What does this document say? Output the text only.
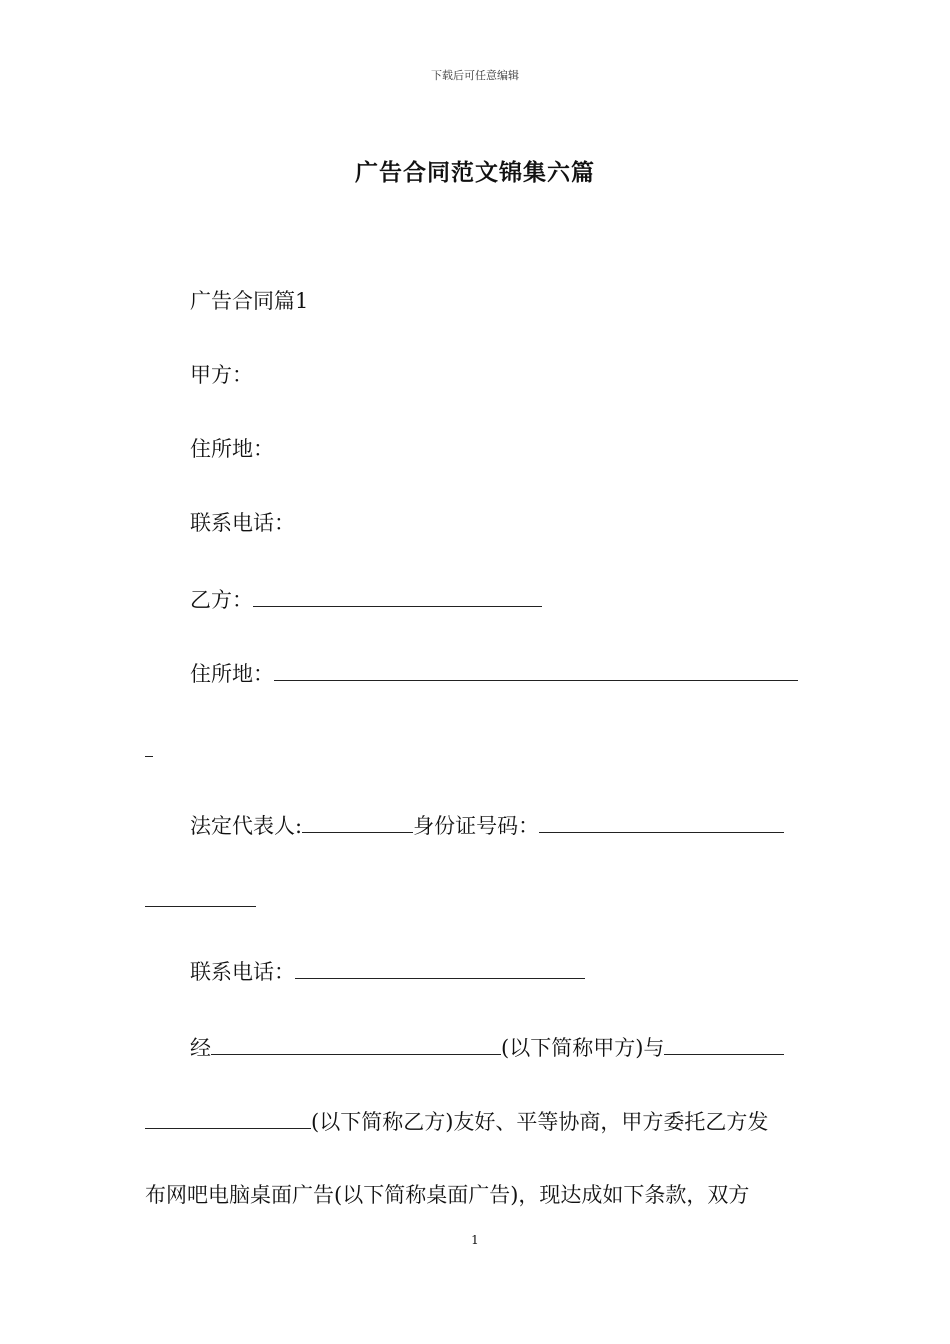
下载后可任意编辑
广告合同范文锦集六篇
广告合同篇1
甲方：
住所地：
联系电话：
乙方：
住所地：
法定代表人:	身份证号码：
联系电话：
经	(以下简称甲方)与
(以下简称乙方)友好、平等协商，甲方委托乙方发
布网吧电脑桌面广告(以下简称桌面广告)，现达成如下条款，双方
1
